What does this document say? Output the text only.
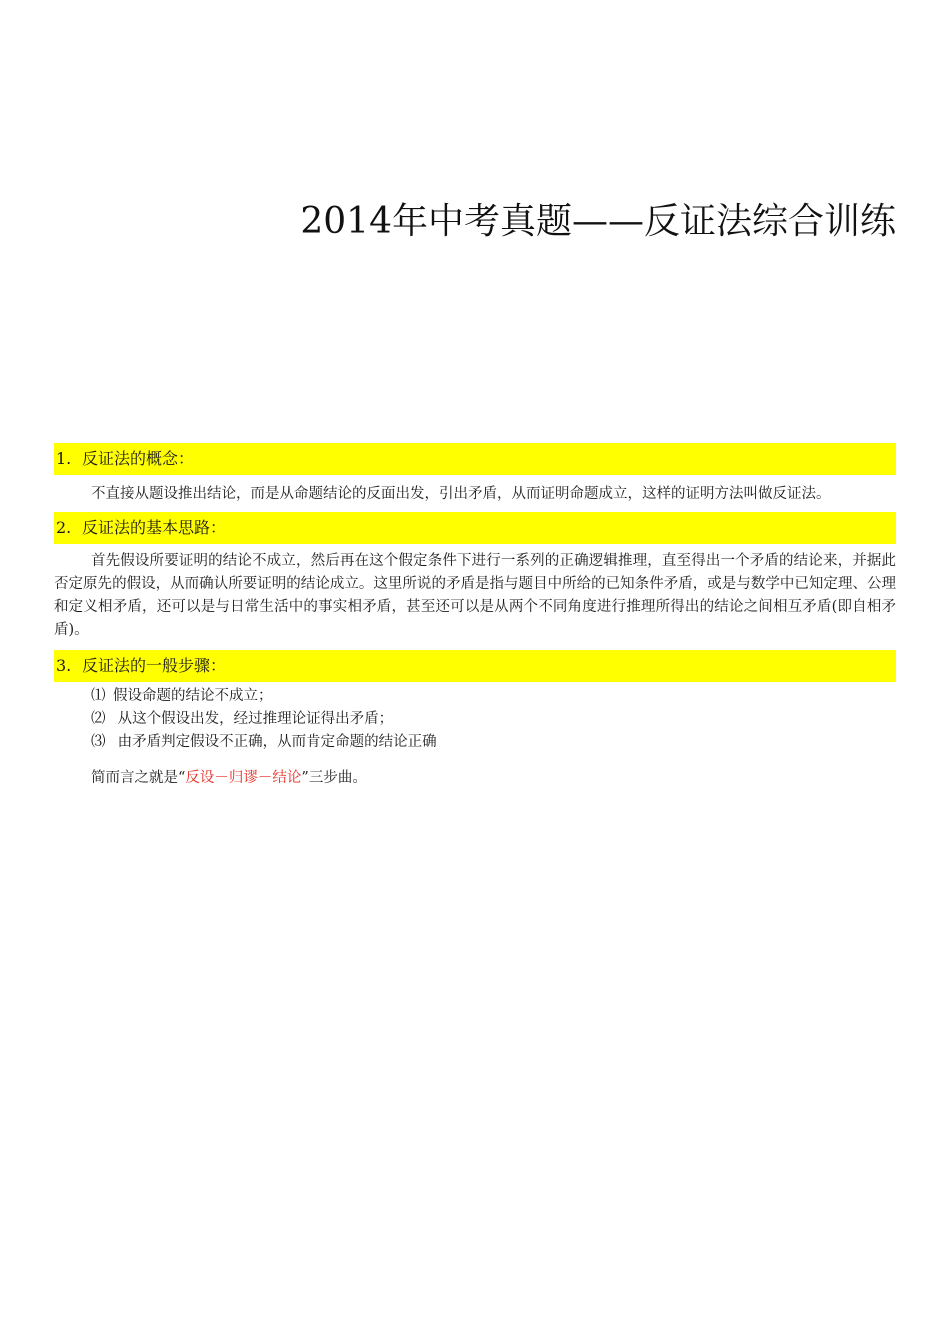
2014年中考真题——反证法综合训练
1. 反证法的概念：

不直接从题设推出结论，而是从命题结论的反面出发，引出矛盾，从而证明命题成立，这样的证明方法叫做反证法。

2. 反证法的基本思路：

首先假设所要证明的结论不成立，然后再在这个假定条件下进行一系列的正确逻辑推理，直至得出一个矛盾的结论来，并据此否定原先的假设，从而确认所要证明的结论成立。这里所说的矛盾是指与题目中所给的已知条件矛盾，或是与数学中已知定理、公理和定义相矛盾，还可以是与日常生活中的事实相矛盾，甚至还可以是从两个不同角度进行推理所得出的结论之间相互矛盾(即自相矛盾)。

3. 反证法的一般步骤：
⑴ 假设命题的结论不成立；
⑵ 从这个假设出发，经过推理论证得出矛盾；
⑶ 由矛盾判定假设不正确，从而肯定命题的结论正确
简而言之就是“反设－归谬－结论”三步曲。
